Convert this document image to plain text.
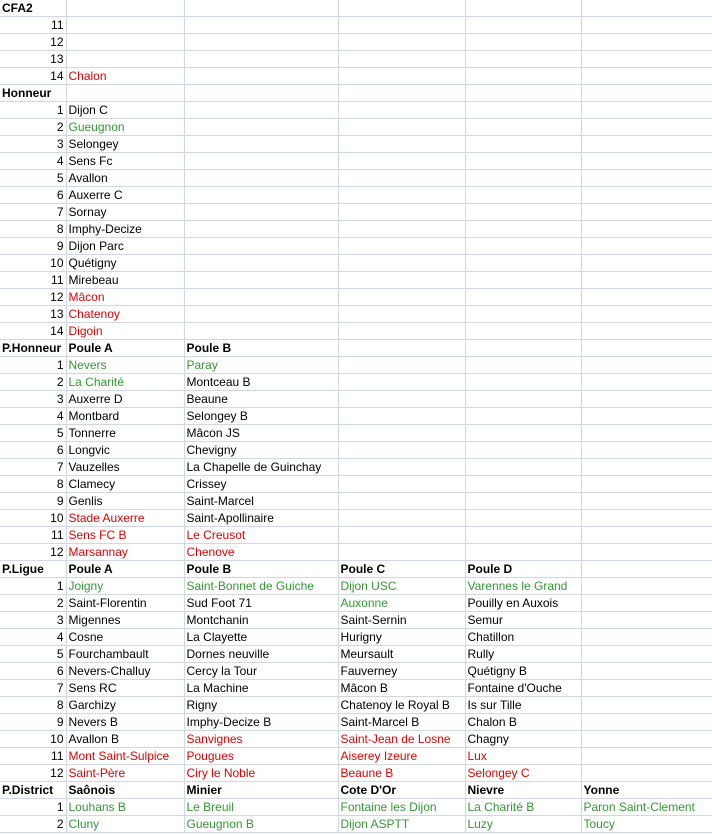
CFA2					
11					
12					
13					
14	Chalon				
Honneur					
1	Dijon C				
2	Gueugnon				
3	Selongey				
4	Sens Fc				
5	Avallon				
6	Auxerre C				
7	Sornay				
8	Imphy-Decize				
9	Dijon Parc				
10	Quétigny				
11	Mirebeau				
12	Mâcon				
13	Chatenoy				
14	Digoin				
P.Honneur	Poule A	Poule B			
1	Nevers	Paray			
2	La Charité	Montceau B			
3	Auxerre D	Beaune			
4	Montbard	Selongey B			
5	Tonnerre	Mâcon JS			
6	Longvic	Chevigny			
7	Vauzelles	La Chapelle de Guinchay			
8	Clamecy	Crissey			
9	Genlis	Saint-Marcel			
10	Stade Auxerre	Saint-Apollinaire			
11	Sens FC B	Le Creusot			
12	Marsannay	Chenove			
P.Ligue	Poule A	Poule B	Poule C	Poule D	
1	Joigny	Saint-Bonnet de Guiche	Dijon USC	Varennes le Grand	
2	Saint-Florentin	Sud Foot 71	Auxonne	Pouilly en Auxois	
3	Migennes	Montchanin	Saint-Sernin	Semur	
4	Cosne	La Clayette	Hurigny	Chatillon	
5	Fourchambault	Dornes neuville	Meursault	Rully	
6	Nevers-Challuy	Cercy la Tour	Fauverney	Quétigny B	
7	Sens RC	La Machine	Mâcon B	Fontaine d'Ouche	
8	Garchizy	Rigny	Chatenoy le Royal B	Is sur Tille	
9	Nevers B	Imphy-Decize B	Saint-Marcel B	Chalon B	
10	Avallon B	Sanvignes	Saint-Jean de Losne	Chagny	
11	Mont Saint-Sulpice	Pougues	Aiserey Izeure	Lux	
12	Saint-Père	Ciry le Noble	Beaune B	Selongey C	
P.District	Saônois	Minier	Cote D'Or	Nievre	Yonne
1	Louhans B	Le Breuil	Fontaine les Dijon	La Charité B	Paron Saint-Clement
2	Cluny	Gueugnon B	Dijon ASPTT	Luzy	Toucy
